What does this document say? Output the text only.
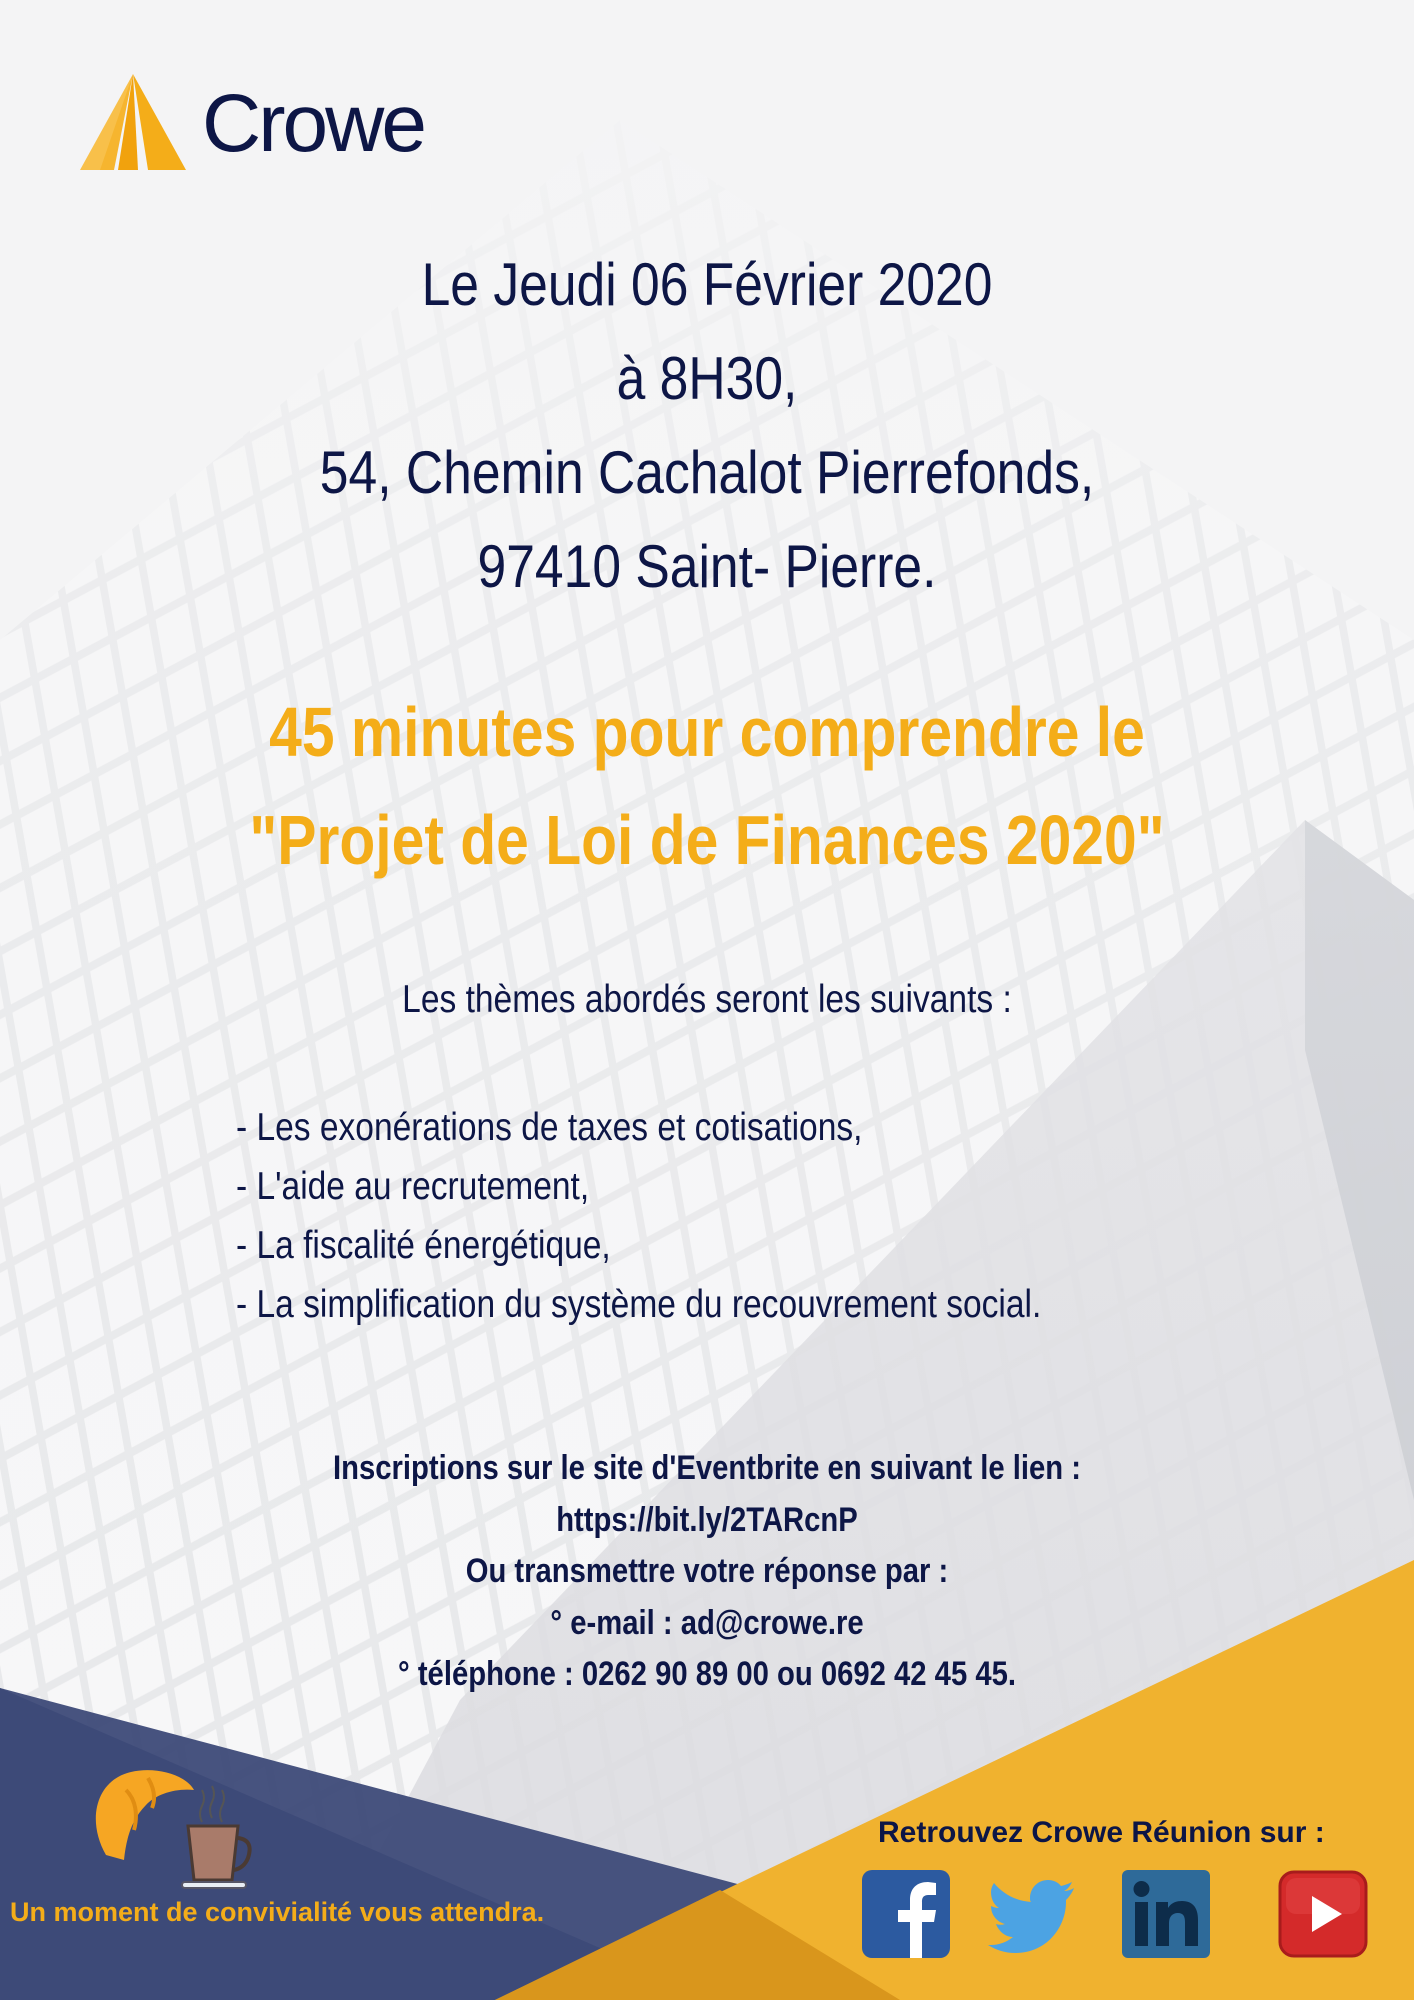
Crowe
Le Jeudi 06 Février 2020
à 8H30,
54, Chemin Cachalot Pierrefonds,
97410 Saint- Pierre.
45 minutes pour comprendre le
"Projet de Loi de Finances 2020"
Les thèmes abordés seront les suivants :
- Les exonérations de taxes et cotisations,
- L'aide au recrutement,
- La fiscalité énergétique,
- La simplification du système du recouvrement social.
Inscriptions sur le site d'Eventbrite en suivant le lien :
https://bit.ly/2TARcnP
Ou transmettre votre réponse par :
° e-mail : ad@crowe.re
° téléphone : 0262 90 89 00 ou 0692 42 45 45.
Un moment de convivialité vous attendra.
Retrouvez Crowe Réunion sur :
